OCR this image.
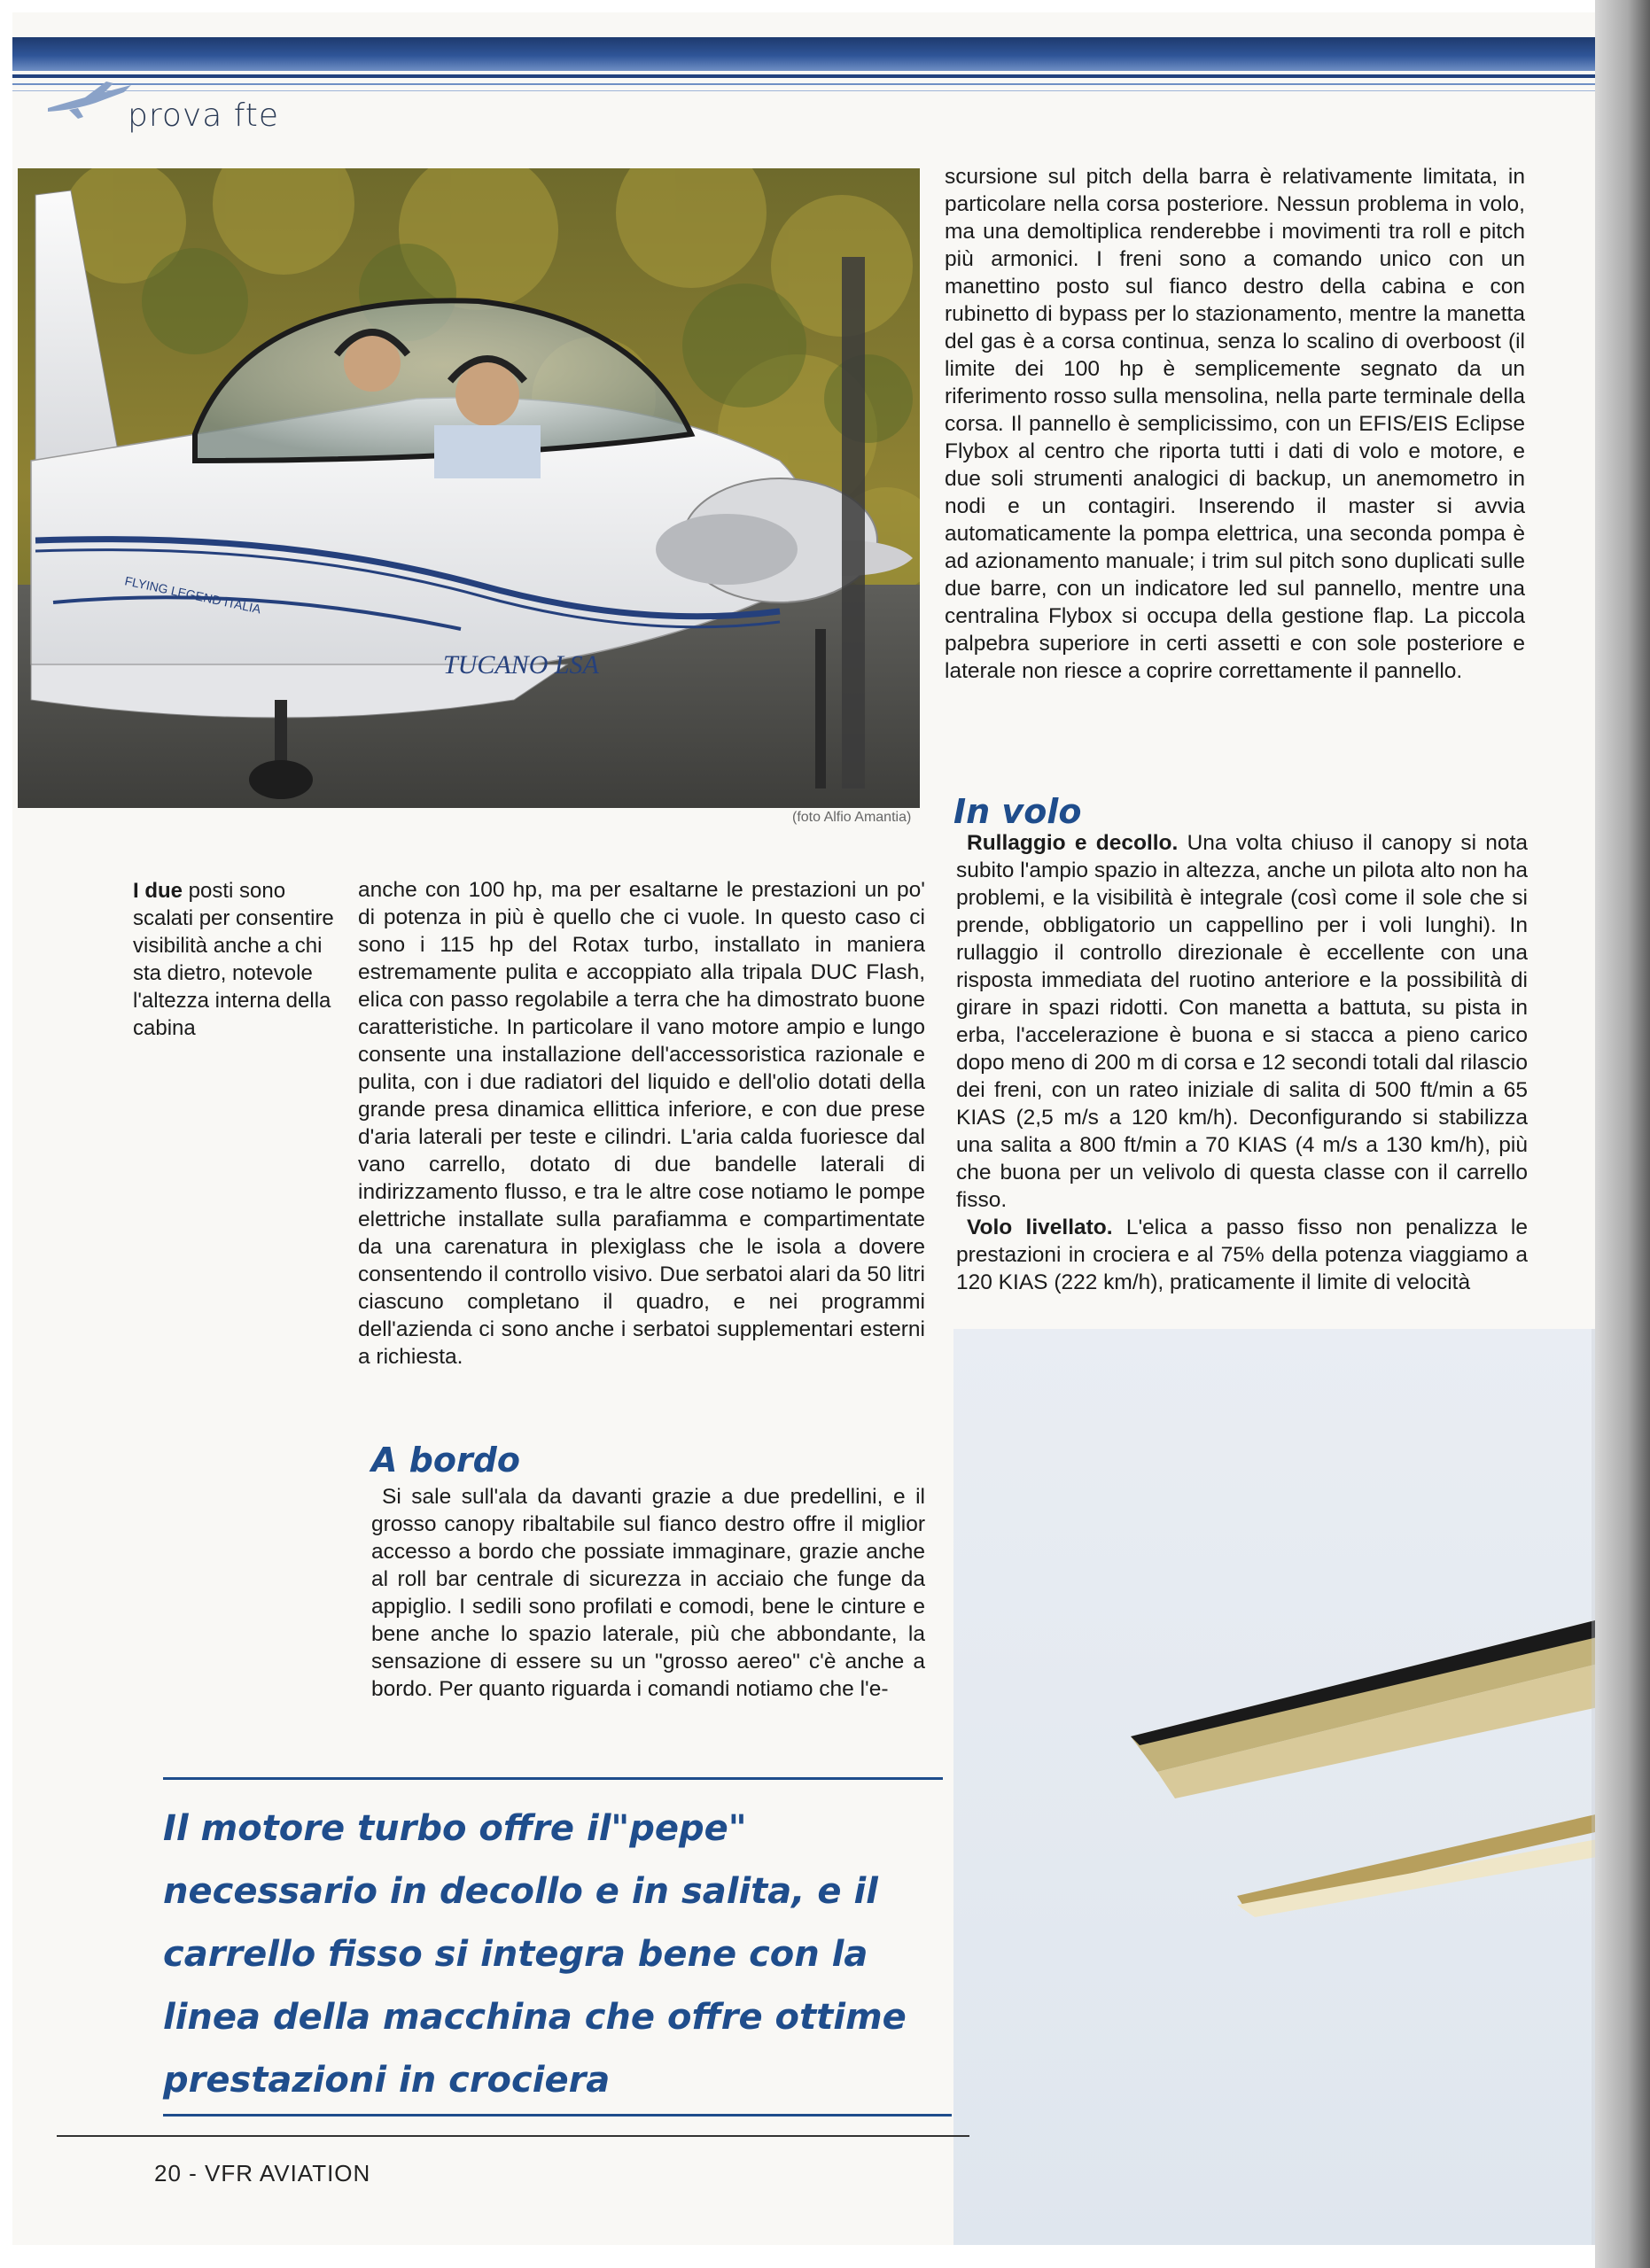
prova fte
TUCANO LSA
FLYING LEGEND ITALIA
(foto Alfio Amantia)
I due posti sono scalati per consentire visibilità anche a chi sta dietro, notevole l'altezza interna della cabina

anche con 100 hp, ma per esaltarne le prestazioni un po' di potenza in più è quello che ci vuole. In questo caso ci sono i 115 hp del Rotax turbo, installato in maniera estremamente pulita e accoppiato alla tripala DUC Flash, elica con passo regolabile a terra che ha dimostrato buone caratteristiche. In particolare il vano motore ampio e lungo consente una installazione dell'accessoristica razionale e pulita, con i due radiatori del liquido e dell'olio dotati della grande presa dinamica ellittica inferiore, e con due prese d'aria laterali per teste e cilindri. L'aria calda fuoriesce dal vano carrello, dotato di due bandelle laterali di indirizzamento flusso, e tra le altre cose notiamo le pompe elettriche installate sulla parafiamma e compartimentate da una carenatura in plexiglass che le isola a dovere consentendo il controllo visivo. Due serbatoi alari da 50 litri ciascuno completano il quadro, e nei programmi dell'azienda ci sono anche i serbatoi supplementari esterni a richiesta.

A bordo

Si sale sull'ala da davanti grazie a due predellini, e il grosso canopy ribaltabile sul fianco destro offre il miglior accesso a bordo che possiate immaginare, grazie anche al roll bar centrale di sicurezza in acciaio che funge da appiglio. I sedili sono profilati e comodi, bene le cinture e bene anche lo spazio laterale, più che abbondante, la sensazione di essere su un "grosso aereo" c'è anche a bordo. Per quanto riguarda i comandi notiamo che l'e-

scursione sul pitch della barra è relativamente limitata, in particolare nella corsa posteriore. Nessun problema in volo, ma una demoltiplica renderebbe i movimenti tra roll e pitch più armonici. I freni sono a comando unico con un manettino posto sul fianco destro della cabina e con rubinetto di bypass per lo stazionamento, mentre la manetta del gas è a corsa continua, senza lo scalino di overboost (il limite dei 100 hp è semplicemente segnato da un riferimento rosso sulla mensolina, nella parte terminale della corsa. Il pannello è semplicissimo, con un EFIS/EIS Eclipse Flybox al centro che riporta tutti i dati di volo e motore, e due soli strumenti analogici di backup, un anemometro in nodi e un contagiri. Inserendo il master si avvia automaticamente la pompa elettrica, una seconda pompa è ad azionamento manuale; i trim sul pitch sono duplicati sulle due barre, con un indicatore led sul pannello, mentre una centralina Flybox si occupa della gestione flap. La piccola palpebra superiore in certi assetti e con sole posteriore e laterale non riesce a coprire correttamente il pannello.

In volo

Rullaggio e decollo. Una volta chiuso il canopy si nota subito l'ampio spazio in altezza, anche un pilota alto non ha problemi, e la visibilità è integrale (così come il sole che si prende, obbligatorio un cappellino per i voli lunghi). In rullaggio il controllo direzionale è eccellente con una risposta immediata del ruotino anteriore e la possibilità di girare in spazi ridotti. Con manetta a battuta, su pista in erba, l'accelerazione è buona e si stacca a pieno carico dopo meno di 200 m di corsa e 12 secondi totali dal rilascio dei freni, con un rateo iniziale di salita di 500 ft/min a 65 KIAS (2,5 m/s a 120 km/h). Deconfigurando si stabilizza una salita a 800 ft/min a 70 KIAS (4 m/s a 130 km/h), più che buona per un velivolo di questa classe con il carrello fisso.

Volo livellato. L'elica a passo fisso non penalizza le prestazioni in crociera e al 75% della potenza viaggiamo a 120 KIAS (222 km/h), praticamente il limite di velocità

Il motore turbo offre il"pepe" necessario in decollo e in salita, e il carrello fisso si integra bene con la linea della macchina che offre ottime prestazioni in crociera
20 - VFR AVIATION
